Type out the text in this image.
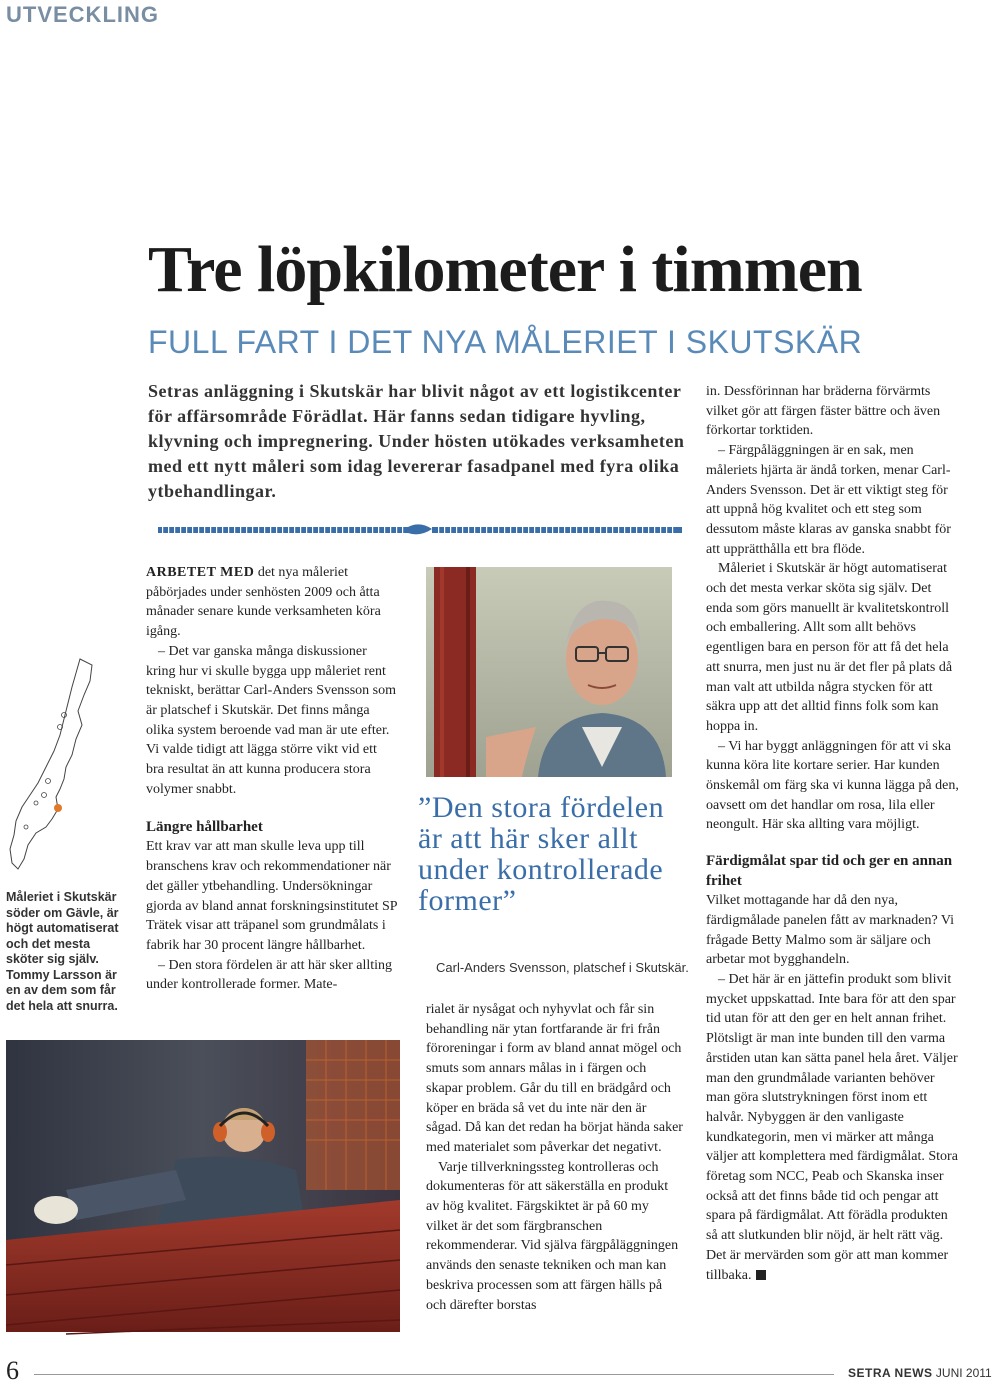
UTVECKLING
Tre löpkilometer i timmen
FULL FART I DET NYA MÅLERIET I SKUTSKÄR

Setras anläggning i Skutskär har blivit något av ett logistikcenter för affärsområde Förädlat. Här fanns sedan tidigare hyvling, klyvning och impregnering. Under hösten utökades verksamheten med ett nytt måleri som idag levererar fasadpanel med fyra olika ytbehandlingar.

Måleriet i Skutskär söder om Gävle, är högt automatiserat och det mesta sköter sig själv. Tommy Larsson är en av dem som får det hela att snurra.
”Den stora fördelen är att här sker allt under kontrollerade former”
Carl-Anders Svensson, platschef i Skutskär.

ARBETET MED det nya måleriet påbörjades under senhösten 2009 och åtta månader senare kunde verksamheten köra igång.

– Det var ganska många diskussioner kring hur vi skulle bygga upp måleriet rent tekniskt, berättar Carl-Anders Svensson som är platschef i Skutskär. Det finns många olika system beroende vad man är ute efter. Vi valde tidigt att lägga större vikt vid ett bra resultat än att kunna producera stora volymer snabbt.

Längre hållbarhet

Ett krav var att man skulle leva upp till branschens krav och rekommendationer när det gäller ytbehandling. Undersökningar gjorda av bland annat forskningsinstitutet SP Trätek visar att träpanel som grundmålats i fabrik har 30 procent längre hållbarhet.

– Den stora fördelen är att här sker allting under kontrollerade former. Mate-

rialet är nysågat och nyhyvlat och får sin behandling när ytan fortfarande är fri från föroreningar i form av bland annat mögel och smuts som annars målas in i färgen och skapar problem. Går du till en brädgård och köper en bräda så vet du inte när den är sågad. Då kan det redan ha börjat hända saker med materialet som påverkar det negativt.

Varje tillverkningssteg kontrolleras och dokumenteras för att säkerställa en produkt av hög kvalitet. Färgskiktet är på 60 my vilket är det som färgbranschen rekommenderar. Vid själva färgpåläggningen används den senaste tekniken och man kan beskriva processen som att färgen hälls på och därefter borstas

in. Dessförinnan har bräderna förvärmts vilket gör att färgen fäster bättre och även förkortar torktiden.

– Färgpåläggningen är en sak, men måleriets hjärta är ändå torken, menar Carl-Anders Svensson. Det är ett viktigt steg för att uppnå hög kvalitet och ett steg som dessutom måste klaras av ganska snabbt för att upprätthålla ett bra flöde.

Måleriet i Skutskär är högt automatiserat och det mesta verkar sköta sig själv. Det enda som görs manuellt är kvalitetskontroll och emballering. Allt som allt behövs egentligen bara en person för att få det hela att snurra, men just nu är det fler på plats då man valt att utbilda några stycken för att säkra upp att det alltid finns folk som kan hoppa in.

– Vi har byggt anläggningen för att vi ska kunna köra lite kortare serier. Har kunden önskemål om färg ska vi kunna lägga på den, oavsett om det handlar om rosa, lila eller neongult. Här ska allting vara möjligt.

Färdigmålat spar tid och ger en annan frihet

Vilket mottagande har då den nya, färdigmålade panelen fått av marknaden? Vi frågade Betty Malmo som är säljare och arbetar mot bygghandeln.

– Det här är en jättefin produkt som blivit mycket uppskattad. Inte bara för att den spar tid utan för att den ger en helt annan frihet. Plötsligt är man inte bunden till den varma årstiden utan kan sätta panel hela året. Väljer man den grundmålade varianten behöver man göra slutstrykningen först inom ett halvår. Nybyggen är den vanligaste kundkategorin, men vi märker att många väljer att komplettera med färdigmålat. Stora företag som NCC, Peab och Skanska inser också att det finns både tid och pengar att spara på färdigmålat. Att förädla produkten så att slutkunden blir nöjd, är helt rätt väg. Det är mervärden som gör att man kommer tillbaka.

6	SETRA NEWS JUNI 2011
